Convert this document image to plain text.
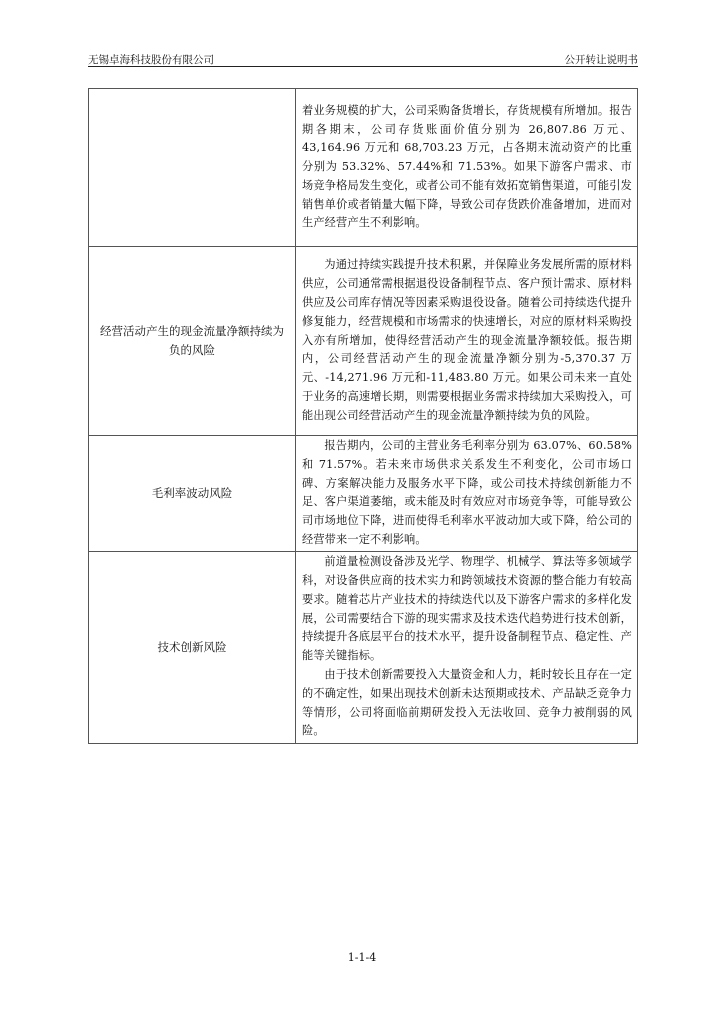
无锡卓海科技股份有限公司	公开转让说明书

	着业务规模的扩大，公司采购备货增长，存货规模有所增加。报告期各期末，公司存货账面价值分别为 26,807.86 万元、43,164.96 万元和 68,703.23 万元，占各期末流动资产的比重分别为 53.32%、57.44%和 71.53%。如果下游客户需求、市场竞争格局发生变化，或者公司不能有效拓宽销售渠道，可能引发销售单价或者销量大幅下降，导致公司存货跌价准备增加，进而对生产经营产生不利影响。

经营活动产生的现金流量净额持续为负的风险	为通过持续实践提升技术积累，并保障业务发展所需的原材料供应，公司通常需根据退役设备制程节点、客户预计需求、原材料供应及公司库存情况等因素采购退役设备。随着公司持续迭代提升修复能力，经营规模和市场需求的快速增长，对应的原材料采购投入亦有所增加，使得经营活动产生的现金流量净额较低。报告期内，公司经营活动产生的现金流量净额分别为-5,370.37 万元、-14,271.96 万元和-11,483.80 万元。如果公司未来一直处于业务的高速增长期，则需要根据业务需求持续加大采购投入，可能出现公司经营活动产生的现金流量净额持续为负的风险。

毛利率波动风险	报告期内，公司的主营业务毛利率分别为 63.07%、60.58%和 71.57%。若未来市场供求关系发生不利变化，公司市场口碑、方案解决能力及服务水平下降，或公司技术持续创新能力不足、客户渠道萎缩，或未能及时有效应对市场竞争等，可能导致公司市场地位下降，进而使得毛利率水平波动加大或下降，给公司的经营带来一定不利影响。

技术创新风险	前道量检测设备涉及光学、物理学、机械学、算法等多领域学科，对设备供应商的技术实力和跨领域技术资源的整合能力有较高要求。随着芯片产业技术的持续迭代以及下游客户需求的多样化发展，公司需要结合下游的现实需求及技术迭代趋势进行技术创新，持续提升各底层平台的技术水平，提升设备制程节点、稳定性、产能等关键指标。

由于技术创新需要投入大量资金和人力，耗时较长且存在一定的不确定性，如果出现技术创新未达预期或技术、产品缺乏竞争力等情形，公司将面临前期研发投入无法收回、竞争力被削弱的风险。

1-1-4
